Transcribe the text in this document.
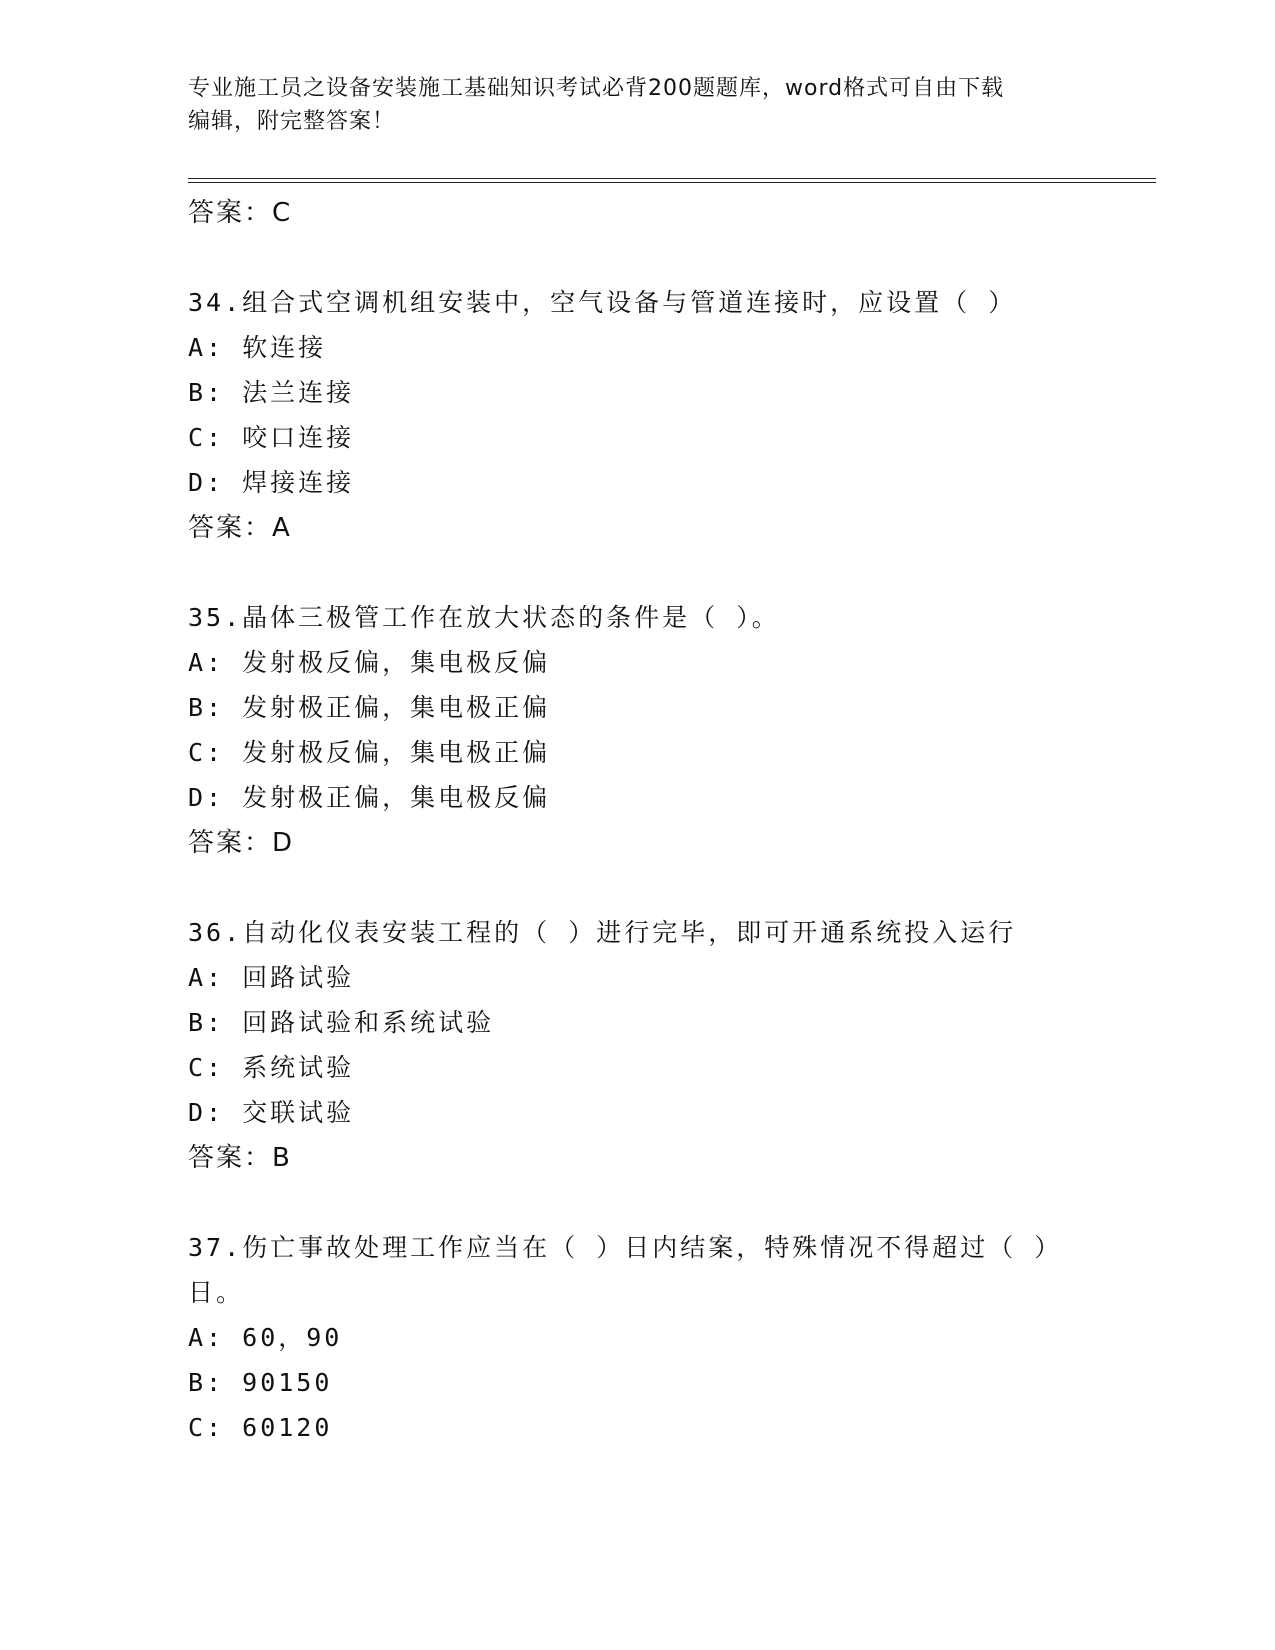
专业施工员之设备安装施工基础知识考试必背200题题库，word格式可自由下载
编辑，附完整答案！
答案：C
34.组合式空调机组安装中，空气设备与管道连接时，应设置（ ）
A: 软连接
B: 法兰连接
C: 咬口连接
D: 焊接连接
答案：A
35.晶体三极管工作在放大状态的条件是（ ）。
A: 发射极反偏，集电极反偏
B: 发射极正偏，集电极正偏
C: 发射极反偏，集电极正偏
D: 发射极正偏，集电极反偏
答案：D
36.自动化仪表安装工程的（ ）进行完毕，即可开通系统投入运行
A: 回路试验
B: 回路试验和系统试验
C: 系统试验
D: 交联试验
答案：B
37.伤亡事故处理工作应当在（ ）日内结案，特殊情况不得超过（ ）
日。
A: 60，90
B: 90150
C: 60120
